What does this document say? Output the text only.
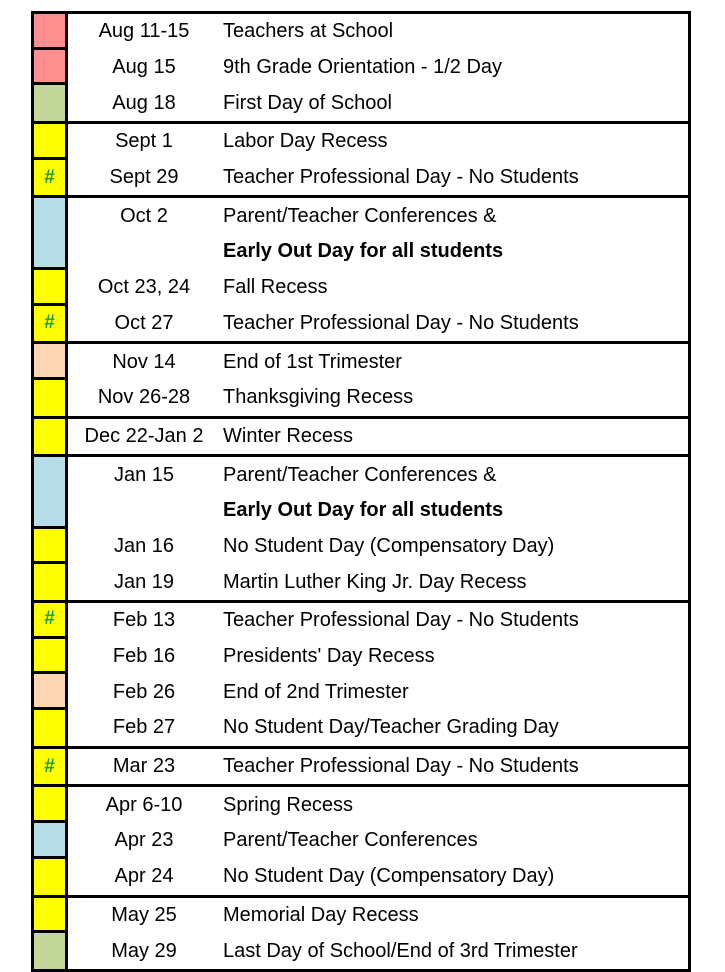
Aug 11-15	Teachers at School
Aug 15	9th Grade Orientation - 1/2 Day
Aug 18	First Day of School
Sept 1	Labor Day Recess
#	Sept 29	Teacher Professional Day - No Students
Oct 2	Parent/Teacher Conferences &
Early Out Day for all students
Oct 23, 24	Fall Recess
#	Oct 27	Teacher Professional Day - No Students
Nov 14	End of 1st Trimester
Nov 26-28	Thanksgiving Recess
Dec 22-Jan 2 Winter Recess
Jan 15	Parent/Teacher Conferences &
Early Out Day for all students
Jan 16	No Student Day (Compensatory Day)
Jan 19	Martin Luther King Jr. Day Recess
#	Feb 13	Teacher Professional Day - No Students
Feb 16	Presidents' Day Recess
Feb 26	End of 2nd Trimester
Feb 27	No Student Day/Teacher Grading Day
#	Mar 23	Teacher Professional Day - No Students
Apr 6-10	Spring Recess
Apr 23	Parent/Teacher Conferences
Apr 24	No Student Day (Compensatory Day)
May 25	Memorial Day Recess
May 29	Last Day of School/End of 3rd Trimester
